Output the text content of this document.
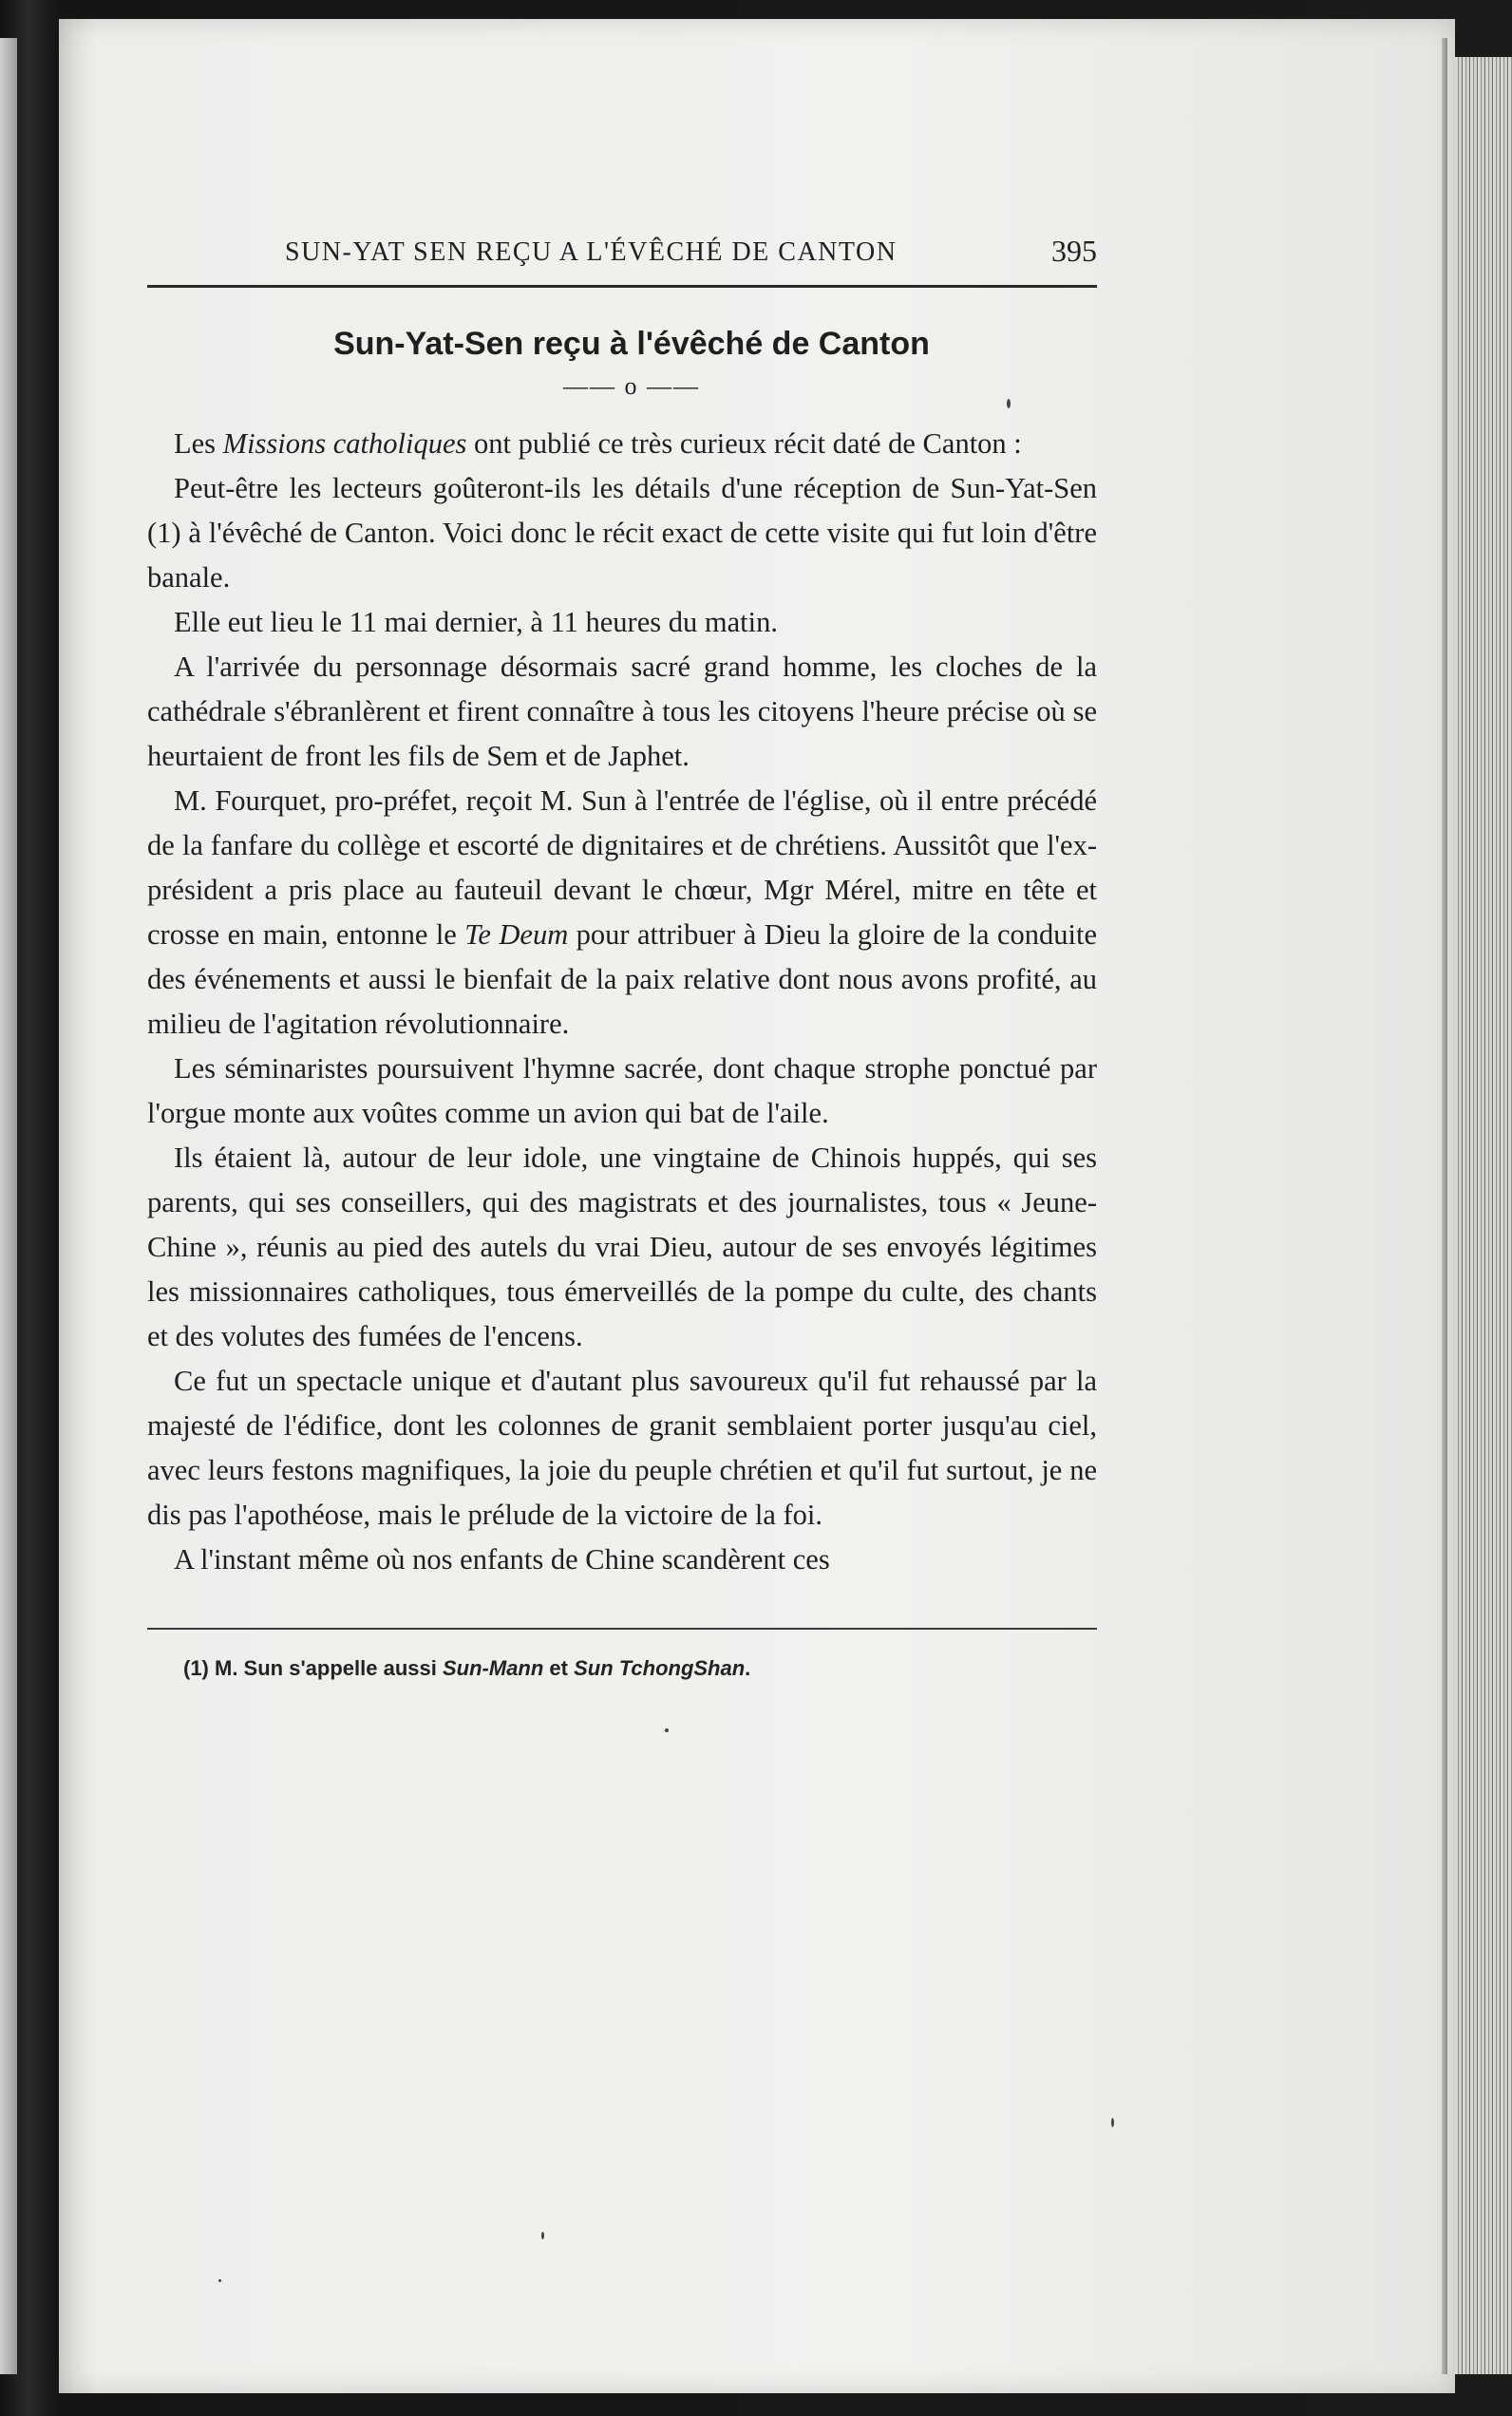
SUN-YAT SEN REÇU A L'ÉVÊCHÉ DE CANTON	395
Sun-Yat-Sen reçu à l'évêché de Canton
—— o ——

Les Missions catholiques ont publié ce très curieux récit daté de Canton :

Peut-être les lecteurs goûteront-ils les détails d'une réception de Sun-Yat-Sen (1) à l'évêché de Canton. Voici donc le récit exact de cette visite qui fut loin d'être banale.

Elle eut lieu le 11 mai dernier, à 11 heures du matin.

A l'arrivée du personnage désormais sacré grand homme, les cloches de la cathédrale s'ébranlèrent et firent connaître à tous les citoyens l'heure précise où se heurtaient de front les fils de Sem et de Japhet.

M. Fourquet, pro-préfet, reçoit M. Sun à l'entrée de l'église, où il entre précédé de la fanfare du collège et escorté de dignitaires et de chrétiens. Aussitôt que l'ex-président a pris place au fauteuil devant le chœur, Mgr Mérel, mitre en tête et crosse en main, entonne le Te Deum pour attribuer à Dieu la gloire de la conduite des événements et aussi le bienfait de la paix relative dont nous avons profité, au milieu de l'agitation révolutionnaire.

Les séminaristes poursuivent l'hymne sacrée, dont chaque strophe ponctué par l'orgue monte aux voûtes comme un avion qui bat de l'aile.

Ils étaient là, autour de leur idole, une vingtaine de Chinois huppés, qui ses parents, qui ses conseillers, qui des magistrats et des journalistes, tous « Jeune-Chine », réunis au pied des autels du vrai Dieu, autour de ses envoyés légitimes les missionnaires catholiques, tous émerveillés de la pompe du culte, des chants et des volutes des fumées de l'encens.

Ce fut un spectacle unique et d'autant plus savoureux qu'il fut rehaussé par la majesté de l'édifice, dont les colonnes de granit semblaient porter jusqu'au ciel, avec leurs festons magnifiques, la joie du peuple chrétien et qu'il fut surtout, je ne dis pas l'apothéose, mais le prélude de la victoire de la foi.

A l'instant même où nos enfants de Chine scandèrent ces

(1) M. Sun s'appelle aussi Sun-Mann et Sun TchongShan.
